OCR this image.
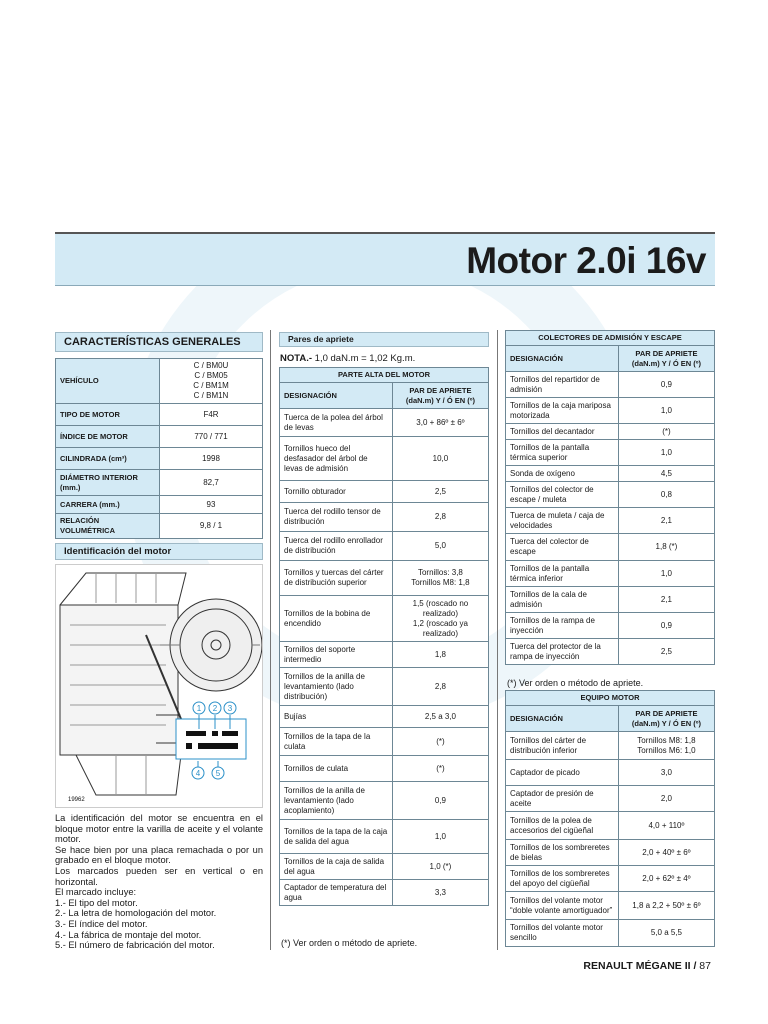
Motor 2.0i 16v
CARACTERÍSTICAS GENERALES
VEHÍCULO	C / BM0U
C / BM05
C / BM1M
C / BM1N
TIPO DE MOTOR	F4R
ÍNDICE DE MOTOR	770 / 771
CILINDRADA (cm³)	1998
DIÁMETRO INTERIOR (mm.)	82,7
CARRERA (mm.)	93
RELACIÓN VOLUMÉTRICA	9,8 / 1
Identificación del motor
1 2 3
4 5
19962
La identificación del motor se encuentra en el bloque motor entre la varilla de aceite y el volante motor.
Se hace bien por una placa remachada o por un grabado en el bloque motor.
Los marcados pueden ser en vertical o en horizontal.
El marcado incluye:
1.- El tipo del motor.
2.- La letra de homologación del motor.
3.- El índice del motor.
4.- La fábrica de montaje del motor.
5.- El número de fabricación del motor.
Pares de apriete
NOTA.- 1,0 daN.m = 1,02 Kg.m.
PARTE ALTA DEL MOTOR	
DESIGNACIÓN	PAR DE APRIETE
(daN.m) Y / Ó EN (º)
Tuerca de la polea del árbol de levas	3,0 + 86º ± 6º
Tornillos hueco del desfasador del árbol de levas de admisión	10,0
Tornillo obturador	2,5
Tuerca del rodillo tensor de distribución	2,8
Tuerca del rodillo enrollador de distribución	5,0
Tornillos y tuercas del cárter de distribución superior	Tornillos: 3,8
Tornillos M8: 1,8
Tornillos de la bobina de encendido	1,5 (roscado no realizado)
1,2 (roscado ya realizado)
Tornillos del soporte intermedio	1,8
Tornillos de la anilla de levantamiento (lado distribución)	2,8
Bujías	2,5 a 3,0
Tornillos de la tapa de la culata	(*)
Tornillos de culata	(*)
Tornillos de la anilla de levantamiento (lado acoplamiento)	0,9
Tornillos de la tapa de la caja de salida del agua	1,0
Tornillos de la caja de salida del agua	1,0 (*)
Captador de temperatura del agua	3,3
(*) Ver orden o método de apriete.
COLECTORES DE ADMISIÓN Y ESCAPE	
DESIGNACIÓN	PAR DE APRIETE
(daN.m) Y / Ó EN (º)
Tornillos del repartidor de admisión	0,9
Tornillos de la caja mariposa motorizada	1,0
Tornillos del decantador	(*)
Tornillos de la pantalla térmica superior	1,0
Sonda de oxígeno	4,5
Tornillos del colector de escape / muleta	0,8
Tuerca de muleta / caja de velocidades	2,1
Tuerca del colector de escape	1,8 (*)
Tornillos de la pantalla térmica inferior	1,0
Tornillos de la cala de admisión	2,1
Tornillos de la rampa de inyección	0,9
Tuerca del protector de la rampa de inyección	2,5
(*) Ver orden o método de apriete.
EQUIPO MOTOR	
DESIGNACIÓN	PAR DE APRIETE
(daN.m) Y / Ó EN (º)
Tornillos del cárter de distribución inferior	Tornillos M8: 1,8
Tornillos M6: 1,0
Captador de picado	3,0
Captador de presión de aceite	2,0
Tornillos de la polea de accesorios del cigüeñal	4,0 + 110º
Tornillos de los sombreretes de bielas	2,0 + 40º ± 6º
Tornillos de los sombreretes del apoyo del cigüeñal	2,0 + 62º ± 4º
Tornillos del volante motor “doble volante amortiguador”	1,8 a 2,2 + 50º ± 6º
Tornillos del volante motor sencillo	5,0 a 5,5
RENAULT MÉGANE II / 87
